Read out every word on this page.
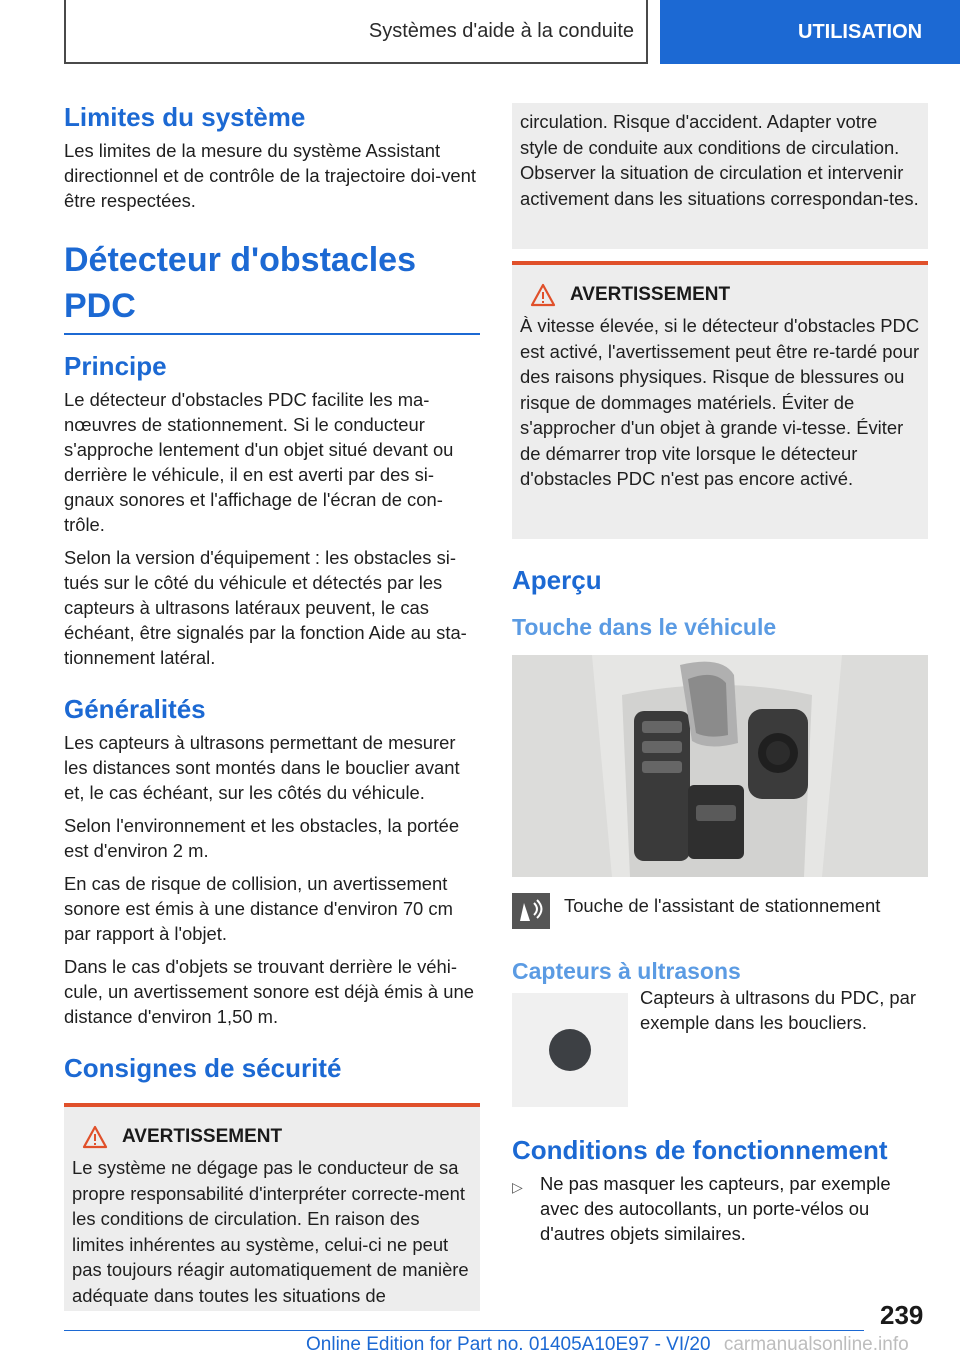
Systèmes d'aide à la conduite	UTILISATION
Limites du système

Les limites de la mesure du système Assistant directionnel et de contrôle de la trajectoire doi-vent être respectées.

Détecteur d'obstacles PDC
Principe

Le détecteur d'obstacles PDC facilite les ma-nœuvres de stationnement. Si le conducteur s'approche lentement d'un objet situé devant ou derrière le véhicule, il en est averti par des si-gnaux sonores et l'affichage de l'écran de con-trôle.

Selon la version d'équipement : les obstacles si-tués sur le côté du véhicule et détectés par les capteurs à ultrasons latéraux peuvent, le cas échéant, être signalés par la fonction Aide au sta-tionnement latéral.

Généralités

Les capteurs à ultrasons permettant de mesurer les distances sont montés dans le bouclier avant et, le cas échéant, sur les côtés du véhicule.

Selon l'environnement et les obstacles, la portée est d'environ 2 m.

En cas de risque de collision, un avertissement sonore est émis à une distance d'environ 70 cm par rapport à l'objet.

Dans le cas d'objets se trouvant derrière le véhi-cule, un avertissement sonore est déjà émis à une distance d'environ 1,50 m.

Consignes de sécurité
AVERTISSEMENT

Le système ne dégage pas le conducteur de sa propre responsabilité d'interpréter correcte-ment les conditions de circulation. En raison des limites inhérentes au système, celui-ci ne peut pas toujours réagir automatiquement de manière adéquate dans toutes les situations de

circulation. Risque d'accident. Adapter votre style de conduite aux conditions de circulation. Observer la situation de circulation et intervenir activement dans les situations correspondan-tes.

AVERTISSEMENT

À vitesse élevée, si le détecteur d'obstacles PDC est activé, l'avertissement peut être re-tardé pour des raisons physiques. Risque de blessures ou risque de dommages matériels. Éviter de s'approcher d'un objet à grande vi-tesse. Éviter de démarrer trop vite lorsque le détecteur d'obstacles PDC n'est pas encore activé.

Aperçu
Touche dans le véhicule

Touche de l'assistant de stationnement

Capteurs à ultrasons

Capteurs à ultrasons du PDC, par exemple dans les boucliers.

Conditions de fonctionnement
▷ Ne pas masquer les capteurs, par exemple avec des autocollants, un porte-vélos ou d'autres objets similaires.
239
Online Edition for Part no. 01405A10E97 - VI/20 carmanualsonline.info
